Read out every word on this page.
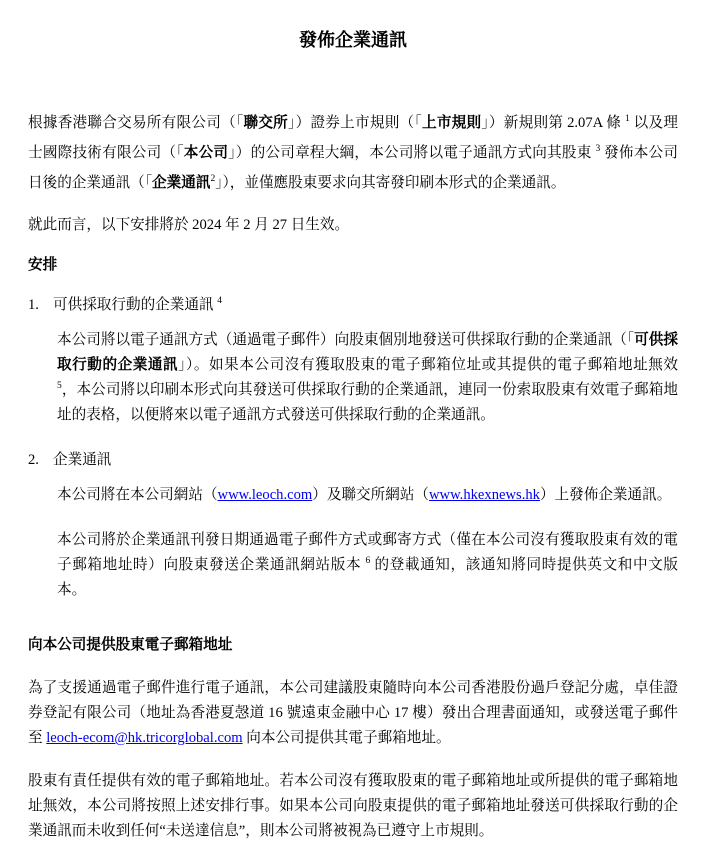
發佈企業通訊
根據香港聯合交易所有限公司（「聯交所」）證券上市規則（「上市規則」）新規則第 2.07A 條 $^1$ 以及理士國際技術有限公司（「本公司」）的公司章程大綱，本公司將以電子通訊方式向其股東 $^3$ 發佈本公司日後的企業通訊（「企業通訊$^2$」），並僅應股東要求向其寄發印刷本形式的企業通訊。
就此而言，以下安排將於 2024 年 2 月 27 日生效。
安排
1. 可供採取行動的企業通訊 $^4$
本公司將以電子通訊方式（通過電子郵件）向股東個別地發送可供採取行動的企業通訊（「可供採取行動的企業通訊」）。如果本公司沒有獲取股東的電子郵箱位址或其提供的電子郵箱地址無效 $^5$，本公司將以印刷本形式向其發送可供採取行動的企業通訊，連同一份索取股東有效電子郵箱地址的表格，以便將來以電子通訊方式發送可供採取行動的企業通訊。
2. 企業通訊
本公司將在本公司網站（www.leoch.com）及聯交所網站（www.hkexnews.hk）上發佈企業通訊。
本公司將於企業通訊刊發日期通過電子郵件方式或郵寄方式（僅在本公司沒有獲取股東有效的電子郵箱地址時）向股東發送企業通訊網站版本 $^6$ 的登載通知，該通知將同時提供英文和中文版本。
向本公司提供股東電子郵箱地址
為了支援通過電子郵件進行電子通訊，本公司建議股東隨時向本公司香港股份過戶登記分處，卓佳證券登記有限公司（地址為香港夏愨道 16 號遠東金融中心 17 樓）發出合理書面通知，或發送電子郵件至 leoch-ecom@hk.tricorglobal.com 向本公司提供其電子郵箱地址。
股東有責任提供有效的電子郵箱地址。若本公司沒有獲取股東的電子郵箱地址或所提供的電子郵箱地址無效，本公司將按照上述安排行事。如果本公司向股東提供的電子郵箱地址發送可供採取行動的企業通訊而未收到任何“未送達信息”，則本公司將被視為已遵守上市規則。
